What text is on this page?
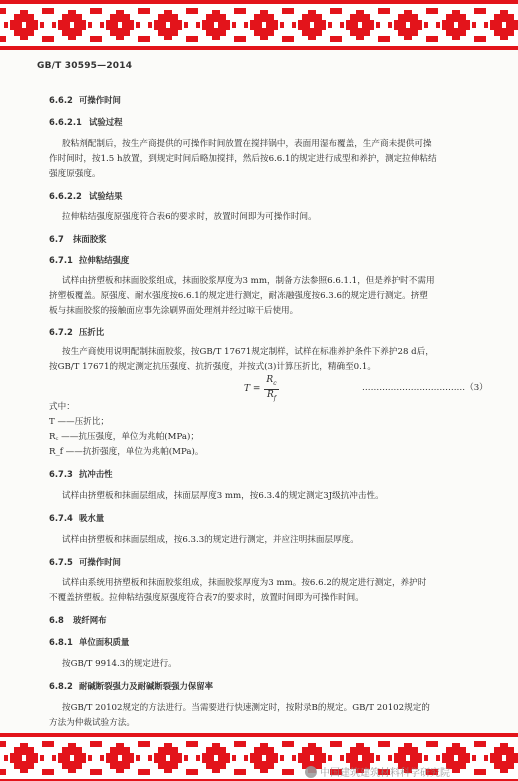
GB/T 30595—2014
6.6.2 可操作时间
6.6.2.1 试验过程
胶粘剂配制后，按生产商提供的可操作时间放置在搅拌锅中，表面用湿布覆盖，生产商未提供可操
作时间时，按1.5 h放置，到规定时间后略加搅拌，然后按6.6.1的规定进行成型和养护，测定拉伸粘结
强度原强度。
6.6.2.2 试验结果
拉伸粘结强度原强度符合表6的要求时，放置时间即为可操作时间。
6.7 抹面胶浆
6.7.1 拉伸粘结强度
试样由挤塑板和抹面胶浆组成，抹面胶浆厚度为3 mm，制备方法参照6.6.1.1，但是养护时不需用
挤塑板覆盖。原强度、耐水强度按6.6.1的规定进行测定，耐冻融强度按6.3.6的规定进行测定。挤塑
板与抹面胶浆的接触面应事先涂刷界面处理剂并经过晾干后使用。
6.7.2 压折比
按生产商使用说明配制抹面胶浆，按GB/T 17671规定制样，试样在标准养护条件下养护28 d后，
按GB/T 17671的规定测定抗压强度、抗折强度，并按式(3)计算压折比，精确至0.1。
$T = \frac{R_c}{R_f}$	………………………………（3）
式中：
T ——压折比；
R꜀ ——抗压强度，单位为兆帕(MPa)；
R_f ——抗折强度，单位为兆帕(MPa)。
6.7.3 抗冲击性
试样由挤塑板和抹面层组成，抹面层厚度3 mm，按6.3.4的规定测定3J级抗冲击性。
6.7.4 吸水量
试样由挤塑板和抹面层组成，按6.3.3的规定进行测定，并应注明抹面层厚度。
6.7.5 可操作时间
试样由系统用挤塑板和抹面胶浆组成，抹面胶浆厚度为3 mm。按6.6.2的规定进行测定，养护时
不覆盖挤塑板。拉伸粘结强度原强度符合表7的要求时，放置时间即为可操作时间。
6.8 玻纤网布
6.8.1 单位面积质量
按GB/T 9914.3的规定进行。
6.8.2 耐碱断裂强力及耐碱断裂强力保留率
按GB/T 20102规定的方法进行。当需要进行快速测定时，按附录B的规定。GB/T 20102规定的
方法为仲裁试验方法。
中国建筑建筑材料科学研究院
